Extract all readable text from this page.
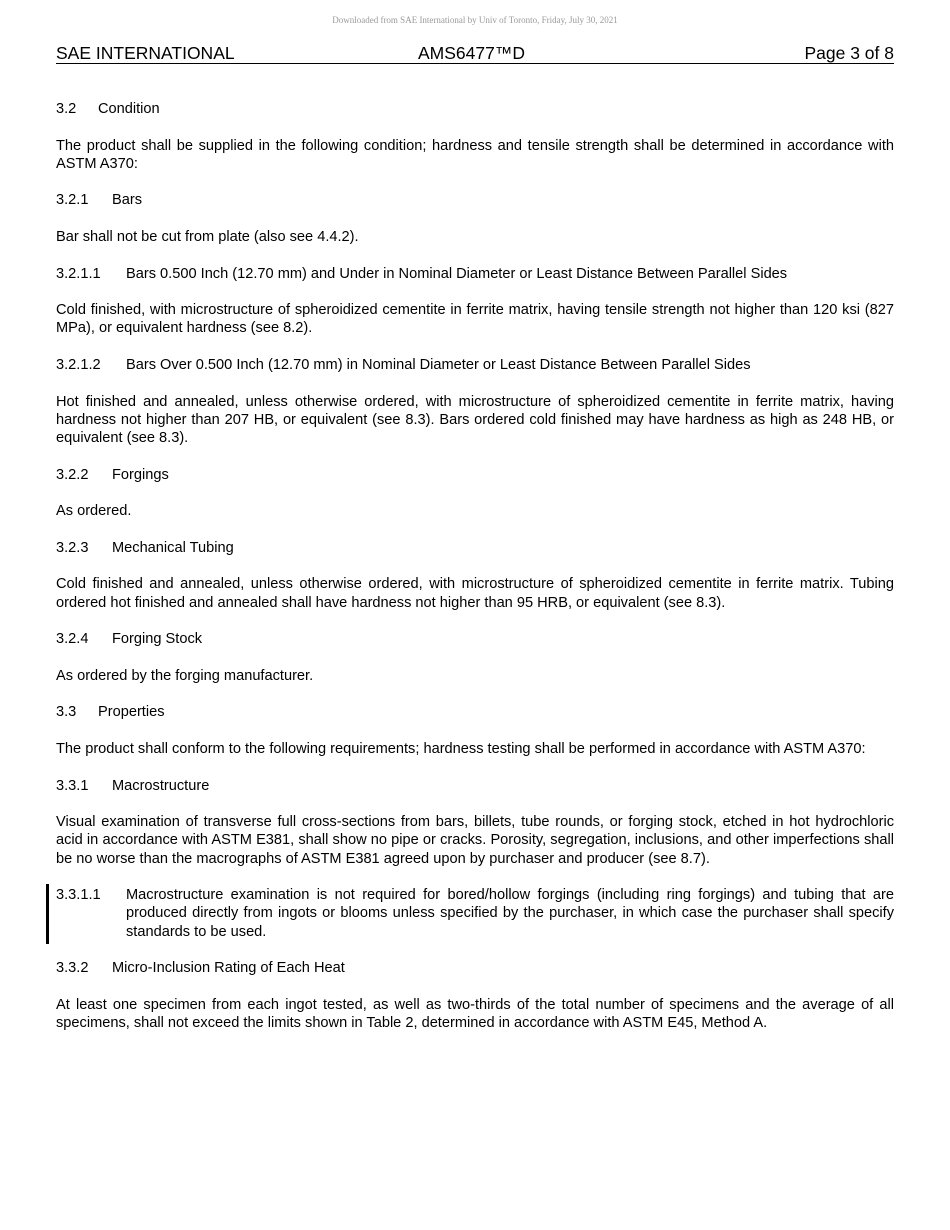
Downloaded from SAE International by Univ of Toronto, Friday, July 30, 2021
SAE INTERNATIONAL	AMS6477™D	Page 3 of 8
3.2	Condition

The product shall be supplied in the following condition; hardness and tensile strength shall be determined in accordance with ASTM A370:

3.2.1	Bars

Bar shall not be cut from plate (also see 4.4.2).

3.2.1.1	Bars 0.500 Inch (12.70 mm) and Under in Nominal Diameter or Least Distance Between Parallel Sides

Cold finished, with microstructure of spheroidized cementite in ferrite matrix, having tensile strength not higher than 120 ksi (827 MPa), or equivalent hardness (see 8.2).

3.2.1.2	Bars Over 0.500 Inch (12.70 mm) in Nominal Diameter or Least Distance Between Parallel Sides

Hot finished and annealed, unless otherwise ordered, with microstructure of spheroidized cementite in ferrite matrix, having hardness not higher than 207 HB, or equivalent (see 8.3). Bars ordered cold finished may have hardness as high as 248 HB, or equivalent (see 8.3).

3.2.2	Forgings

As ordered.

3.2.3	Mechanical Tubing

Cold finished and annealed, unless otherwise ordered, with microstructure of spheroidized cementite in ferrite matrix. Tubing ordered hot finished and annealed shall have hardness not higher than 95 HRB, or equivalent (see 8.3).

3.2.4	Forging Stock

As ordered by the forging manufacturer.

3.3	Properties

The product shall conform to the following requirements; hardness testing shall be performed in accordance with ASTM A370:

3.3.1	Macrostructure

Visual examination of transverse full cross-sections from bars, billets, tube rounds, or forging stock, etched in hot hydrochloric acid in accordance with ASTM E381, shall show no pipe or cracks. Porosity, segregation, inclusions, and other imperfections shall be no worse than the macrographs of ASTM E381 agreed upon by purchaser and producer (see 8.7).

3.3.1.1	Macrostructure examination is not required for bored/hollow forgings (including ring forgings) and tubing that are produced directly from ingots or blooms unless specified by the purchaser, in which case the purchaser shall specify standards to be used.
3.3.2	Micro-Inclusion Rating of Each Heat

At least one specimen from each ingot tested, as well as two-thirds of the total number of specimens and the average of all specimens, shall not exceed the limits shown in Table 2, determined in accordance with ASTM E45, Method A.
